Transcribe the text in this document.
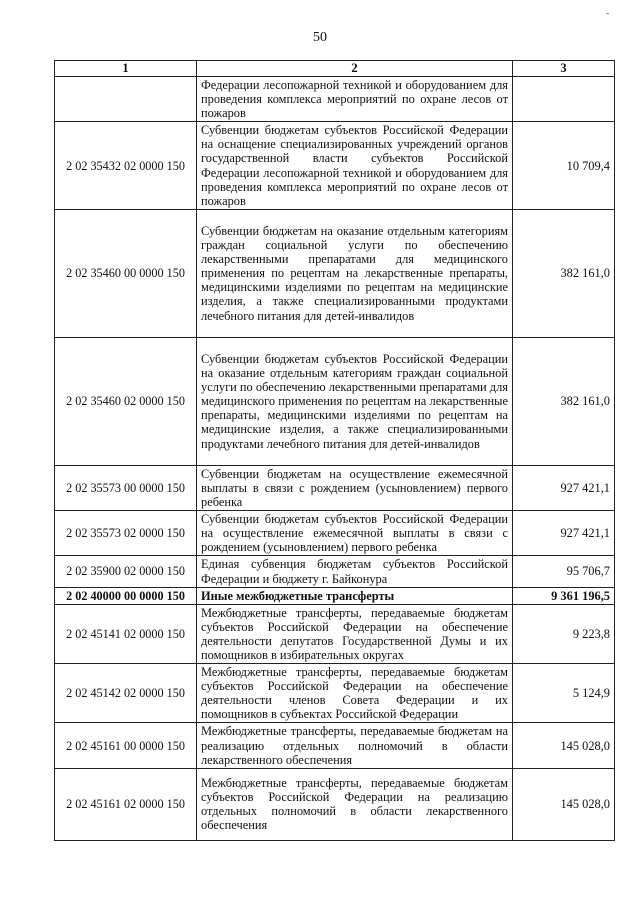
50
-
1	2	3
	Федерации лесопожарной техникой и оборудованием для проведения комплекса мероприятий по охране лесов от пожаров	
2 02 35432 02 0000 150	Субвенции бюджетам субъектов Российской Федерации на оснащение специализированных учреждений органов государственной власти субъектов Российской Федерации лесопожарной техникой и оборудованием для проведения комплекса мероприятий по охране лесов от пожаров	10 709,4
2 02 35460 00 0000 150	Субвенции бюджетам на оказание отдельным категориям граждан социальной услуги по обеспечению лекарственными препаратами для медицинского применения по рецептам на лекарственные препараты, медицинскими изделиями по рецептам на медицинские изделия, а также специализированными продуктами лечебного питания для детей-инвалидов	382 161,0
2 02 35460 02 0000 150	Субвенции бюджетам субъектов Российской Федерации на оказание отдельным категориям граждан социальной услуги по обеспечению лекарственными препаратами для медицинского применения по рецептам на лекарственные препараты, медицинскими изделиями по рецептам на медицинские изделия, а также специализированными продуктами лечебного питания для детей-инвалидов	382 161,0
2 02 35573 00 0000 150	Субвенции бюджетам на осуществление ежемесячной выплаты в связи с рождением (усыновлением) первого ребенка	927 421,1
2 02 35573 02 0000 150	Субвенции бюджетам субъектов Российской Федерации на осуществление ежемесячной выплаты в связи с рождением (усыновлением) первого ребенка	927 421,1
2 02 35900 02 0000 150	Единая субвенция бюджетам субъектов Российской Федерации и бюджету г. Байконура	95 706,7
2 02 40000 00 0000 150	Иные межбюджетные трансферты	9 361 196,5
2 02 45141 02 0000 150	Межбюджетные трансферты, передаваемые бюджетам субъектов Российской Федерации на обеспечение деятельности депутатов Государственной Думы и их помощников в избирательных округах	9 223,8
2 02 45142 02 0000 150	Межбюджетные трансферты, передаваемые бюджетам субъектов Российской Федерации на обеспечение деятельности членов Совета Федерации и их помощников в субъектах Российской Федерации	5 124,9
2 02 45161 00 0000 150	Межбюджетные трансферты, передаваемые бюджетам на реализацию отдельных полномочий в области лекарственного обеспечения	145 028,0
2 02 45161 02 0000 150	Межбюджетные трансферты, передаваемые бюджетам субъектов Российской Федерации на реализацию отдельных полномочий в области лекарственного обеспечения	145 028,0
